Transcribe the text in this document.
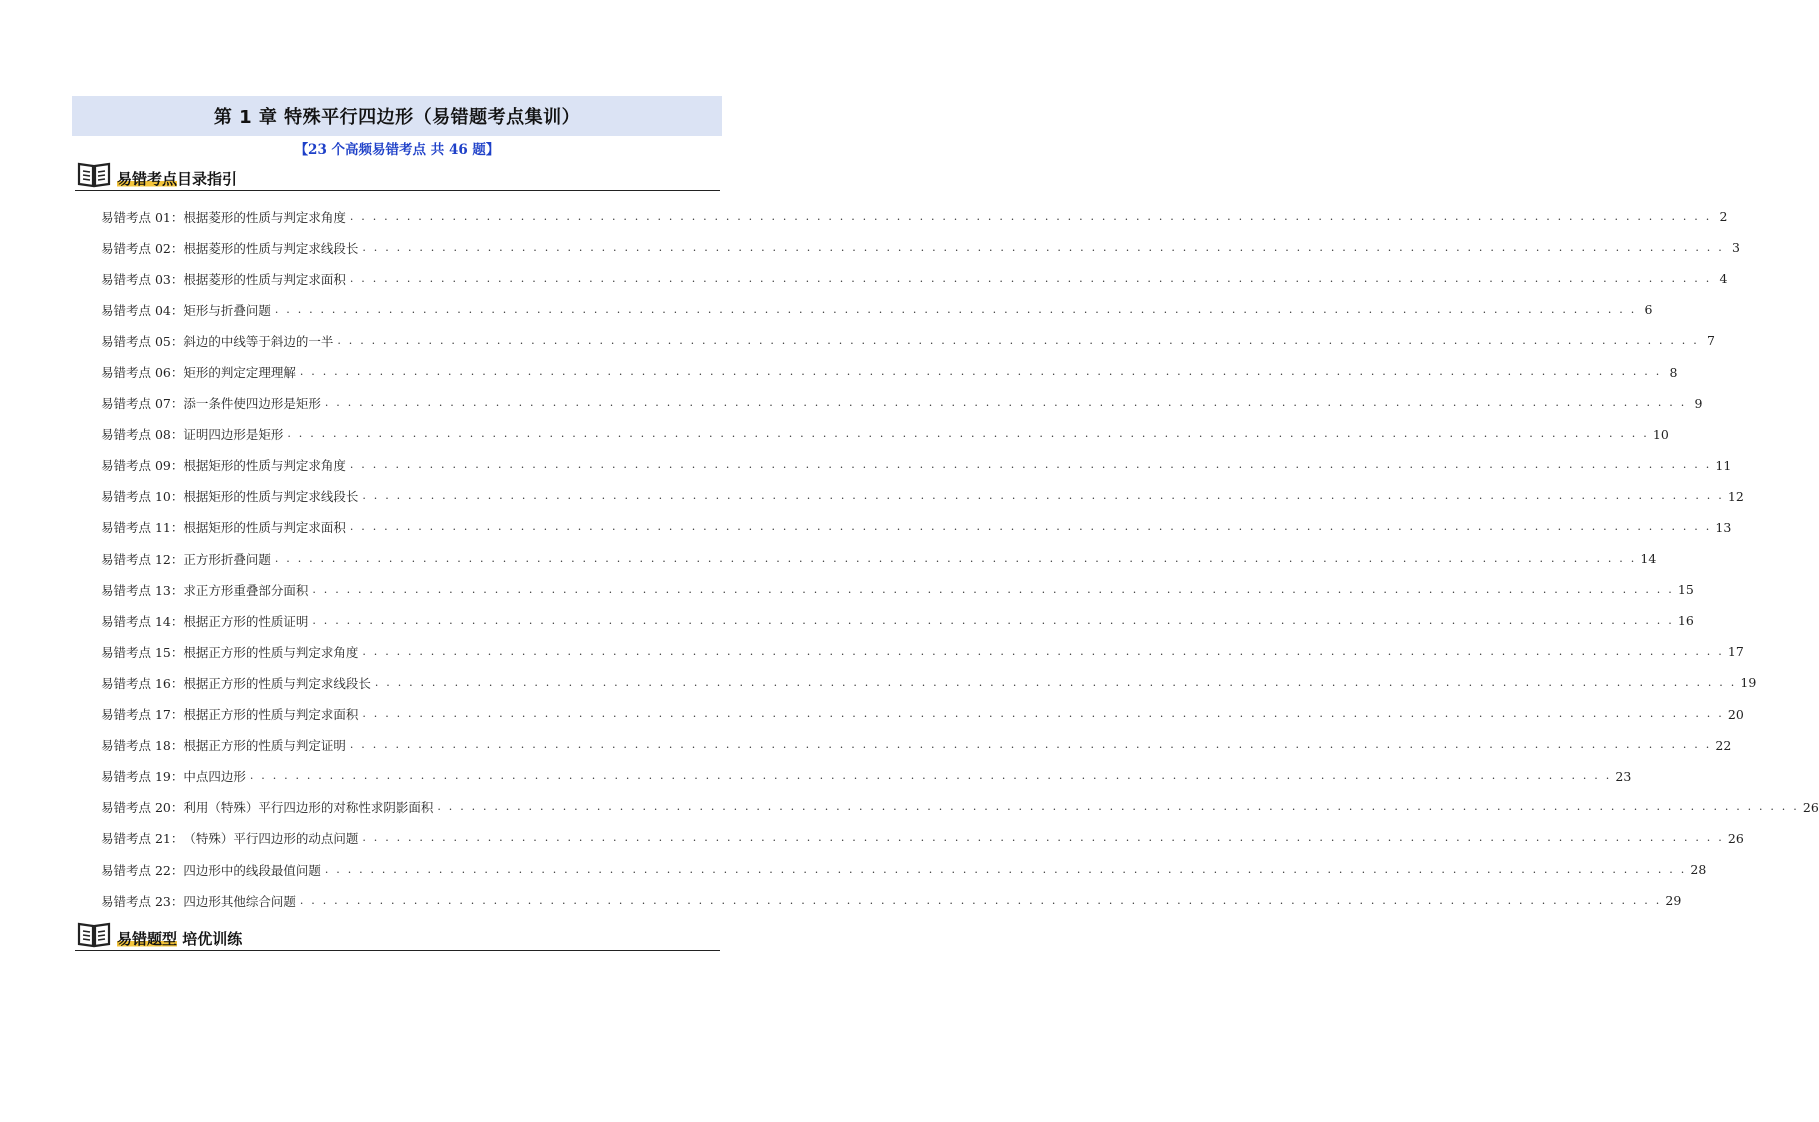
第 1 章 特殊平行四边形（易错题考点集训）
【23 个高频易错考点 共 46 题】
易错考点目录指引
易错考点 01： 根据菱形的性质与判定求角度 . . . . . . . . . . . . . . . . . . . . . . . . . . . . . . . . . . . . . . . . . . . . . . . . . . . . . . . . . . . . . . . . . . . . . . . . . . . . . . . . . . . . . . . . . . . . . . . . . . . . . . . . . . . . . . . . . . . . . . . . 2
易错考点 02： 根据菱形的性质与判定求线段长 . . . . . . . . . . . . . . . . . . . . . . . . . . . . . . . . . . . . . . . . . . . . . . . . . . . . . . . . . . . . . . . . . . . . . . . . . . . . . . . . . . . . . . . . . . . . . . . . . . . . . . . . . . . . . . . . . . . . . . . . 3
易错考点 03： 根据菱形的性质与判定求面积 . . . . . . . . . . . . . . . . . . . . . . . . . . . . . . . . . . . . . . . . . . . . . . . . . . . . . . . . . . . . . . . . . . . . . . . . . . . . . . . . . . . . . . . . . . . . . . . . . . . . . . . . . . . . . . . . . . . . . . . . 4
易错考点 04： 矩形与折叠问题 . . . . . . . . . . . . . . . . . . . . . . . . . . . . . . . . . . . . . . . . . . . . . . . . . . . . . . . . . . . . . . . . . . . . . . . . . . . . . . . . . . . . . . . . . . . . . . . . . . . . . . . . . . . . . . . . . . . . . . . . 6
易错考点 05： 斜边的中线等于斜边的一半 . . . . . . . . . . . . . . . . . . . . . . . . . . . . . . . . . . . . . . . . . . . . . . . . . . . . . . . . . . . . . . . . . . . . . . . . . . . . . . . . . . . . . . . . . . . . . . . . . . . . . . . . . . . . . . . . . . . . . . . . 7
易错考点 06： 矩形的判定定理理解 . . . . . . . . . . . . . . . . . . . . . . . . . . . . . . . . . . . . . . . . . . . . . . . . . . . . . . . . . . . . . . . . . . . . . . . . . . . . . . . . . . . . . . . . . . . . . . . . . . . . . . . . . . . . . . . . . . . . . . . . 8
易错考点 07： 添一条件使四边形是矩形 . . . . . . . . . . . . . . . . . . . . . . . . . . . . . . . . . . . . . . . . . . . . . . . . . . . . . . . . . . . . . . . . . . . . . . . . . . . . . . . . . . . . . . . . . . . . . . . . . . . . . . . . . . . . . . . . . . . . . . . . 9
易错考点 08： 证明四边形是矩形 . . . . . . . . . . . . . . . . . . . . . . . . . . . . . . . . . . . . . . . . . . . . . . . . . . . . . . . . . . . . . . . . . . . . . . . . . . . . . . . . . . . . . . . . . . . . . . . . . . . . . . . . . . . . . . . . . . . . . . . . 10
易错考点 09： 根据矩形的性质与判定求角度 . . . . . . . . . . . . . . . . . . . . . . . . . . . . . . . . . . . . . . . . . . . . . . . . . . . . . . . . . . . . . . . . . . . . . . . . . . . . . . . . . . . . . . . . . . . . . . . . . . . . . . . . . . . . . . . . . . . . . . . . 11
易错考点 10： 根据矩形的性质与判定求线段长 . . . . . . . . . . . . . . . . . . . . . . . . . . . . . . . . . . . . . . . . . . . . . . . . . . . . . . . . . . . . . . . . . . . . . . . . . . . . . . . . . . . . . . . . . . . . . . . . . . . . . . . . . . . . . . . . . . . . . . . . 12
易错考点 11： 根据矩形的性质与判定求面积 . . . . . . . . . . . . . . . . . . . . . . . . . . . . . . . . . . . . . . . . . . . . . . . . . . . . . . . . . . . . . . . . . . . . . . . . . . . . . . . . . . . . . . . . . . . . . . . . . . . . . . . . . . . . . . . . . . . . . . . . 13
易错考点 12： 正方形折叠问题 . . . . . . . . . . . . . . . . . . . . . . . . . . . . . . . . . . . . . . . . . . . . . . . . . . . . . . . . . . . . . . . . . . . . . . . . . . . . . . . . . . . . . . . . . . . . . . . . . . . . . . . . . . . . . . . . . . . . . . . . 14
易错考点 13： 求正方形重叠部分面积 . . . . . . . . . . . . . . . . . . . . . . . . . . . . . . . . . . . . . . . . . . . . . . . . . . . . . . . . . . . . . . . . . . . . . . . . . . . . . . . . . . . . . . . . . . . . . . . . . . . . . . . . . . . . . . . . . . . . . . . . 15
易错考点 14： 根据正方形的性质证明 . . . . . . . . . . . . . . . . . . . . . . . . . . . . . . . . . . . . . . . . . . . . . . . . . . . . . . . . . . . . . . . . . . . . . . . . . . . . . . . . . . . . . . . . . . . . . . . . . . . . . . . . . . . . . . . . . . . . . . . . 16
易错考点 15： 根据正方形的性质与判定求角度 . . . . . . . . . . . . . . . . . . . . . . . . . . . . . . . . . . . . . . . . . . . . . . . . . . . . . . . . . . . . . . . . . . . . . . . . . . . . . . . . . . . . . . . . . . . . . . . . . . . . . . . . . . . . . . . . . . . . . . . . 17
易错考点 16： 根据正方形的性质与判定求线段长 . . . . . . . . . . . . . . . . . . . . . . . . . . . . . . . . . . . . . . . . . . . . . . . . . . . . . . . . . . . . . . . . . . . . . . . . . . . . . . . . . . . . . . . . . . . . . . . . . . . . . . . . . . . . . . . . . . . . . . . . 19
易错考点 17： 根据正方形的性质与判定求面积 . . . . . . . . . . . . . . . . . . . . . . . . . . . . . . . . . . . . . . . . . . . . . . . . . . . . . . . . . . . . . . . . . . . . . . . . . . . . . . . . . . . . . . . . . . . . . . . . . . . . . . . . . . . . . . . . . . . . . . . . 20
易错考点 18： 根据正方形的性质与判定证明 . . . . . . . . . . . . . . . . . . . . . . . . . . . . . . . . . . . . . . . . . . . . . . . . . . . . . . . . . . . . . . . . . . . . . . . . . . . . . . . . . . . . . . . . . . . . . . . . . . . . . . . . . . . . . . . . . . . . . . . . 22
易错考点 19： 中点四边形 . . . . . . . . . . . . . . . . . . . . . . . . . . . . . . . . . . . . . . . . . . . . . . . . . . . . . . . . . . . . . . . . . . . . . . . . . . . . . . . . . . . . . . . . . . . . . . . . . . . . . . . . . . . . . . . . . . . . . . . . 23
易错考点 20： 利用（特殊）平行四边形的对称性求阴影面积 . . . . . . . . . . . . . . . . . . . . . . . . . . . . . . . . . . . . . . . . . . . . . . . . . . . . . . . . . . . . . . . . . . . . . . . . . . . . . . . . . . . . . . . . . . . . . . . . . . . . . . . . . . . . . . . . . . . . . . . . 26
易错考点 21： （特殊）平行四边形的动点问题 . . . . . . . . . . . . . . . . . . . . . . . . . . . . . . . . . . . . . . . . . . . . . . . . . . . . . . . . . . . . . . . . . . . . . . . . . . . . . . . . . . . . . . . . . . . . . . . . . . . . . . . . . . . . . . . . . . . . . . . . 26
易错考点 22： 四边形中的线段最值问题 . . . . . . . . . . . . . . . . . . . . . . . . . . . . . . . . . . . . . . . . . . . . . . . . . . . . . . . . . . . . . . . . . . . . . . . . . . . . . . . . . . . . . . . . . . . . . . . . . . . . . . . . . . . . . . . . . . . . . . . . 28
易错考点 23： 四边形其他综合问题 . . . . . . . . . . . . . . . . . . . . . . . . . . . . . . . . . . . . . . . . . . . . . . . . . . . . . . . . . . . . . . . . . . . . . . . . . . . . . . . . . . . . . . . . . . . . . . . . . . . . . . . . . . . . . . . . . . . . . . . . 29
易错题型 培优训练
